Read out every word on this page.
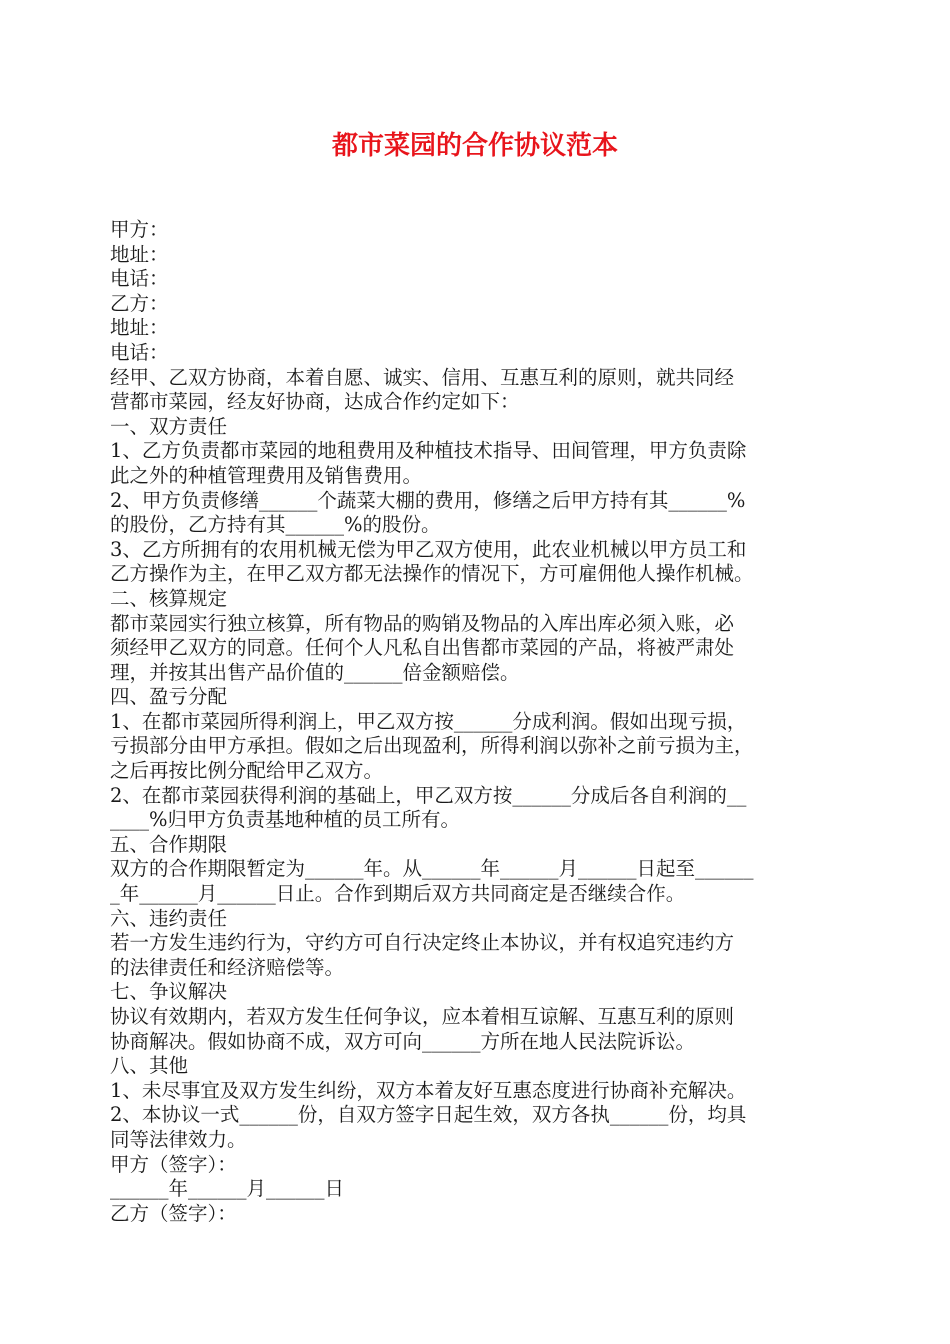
都市菜园的合作协议范本
甲方：
地址：
电话：
乙方：
地址：
电话：
经甲、乙双方协商，本着自愿、诚实、信用、互惠互利的原则，就共同经
营都市菜园，经友好协商，达成合作约定如下：
一、双方责任
1、乙方负责都市菜园的地租费用及种植技术指导、田间管理，甲方负责除
此之外的种植管理费用及销售费用。
2、甲方负责修缮______个蔬菜大棚的费用，修缮之后甲方持有其______%
的股份，乙方持有其______%的股份。
3、乙方所拥有的农用机械无偿为甲乙双方使用，此农业机械以甲方员工和
乙方操作为主，在甲乙双方都无法操作的情况下，方可雇佣他人操作机械。
二、核算规定
都市菜园实行独立核算，所有物品的购销及物品的入库出库必须入账，必
须经甲乙双方的同意。任何个人凡私自出售都市菜园的产品，将被严肃处
理，并按其出售产品价值的______倍金额赔偿。
四、盈亏分配
1、在都市菜园所得利润上，甲乙双方按______分成利润。假如出现亏损，
亏损部分由甲方承担。假如之后出现盈利，所得利润以弥补之前亏损为主，
之后再按比例分配给甲乙双方。
2、在都市菜园获得利润的基础上，甲乙双方按______分成后各自利润的__
____%归甲方负责基地种植的员工所有。
五、合作期限
双方的合作期限暂定为______年。从______年______月______日起至______
_年______月______日止。合作到期后双方共同商定是否继续合作。
六、违约责任
若一方发生违约行为，守约方可自行决定终止本协议，并有权追究违约方
的法律责任和经济赔偿等。
七、争议解决
协议有效期内，若双方发生任何争议，应本着相互谅解、互惠互利的原则
协商解决。假如协商不成，双方可向______方所在地人民法院诉讼。
八、其他
1、未尽事宜及双方发生纠纷，双方本着友好互惠态度进行协商补充解决。
2、本协议一式______份，自双方签字日起生效，双方各执______份，均具
同等法律效力。
甲方（签字）：
______年______月______日
乙方（签字）：
